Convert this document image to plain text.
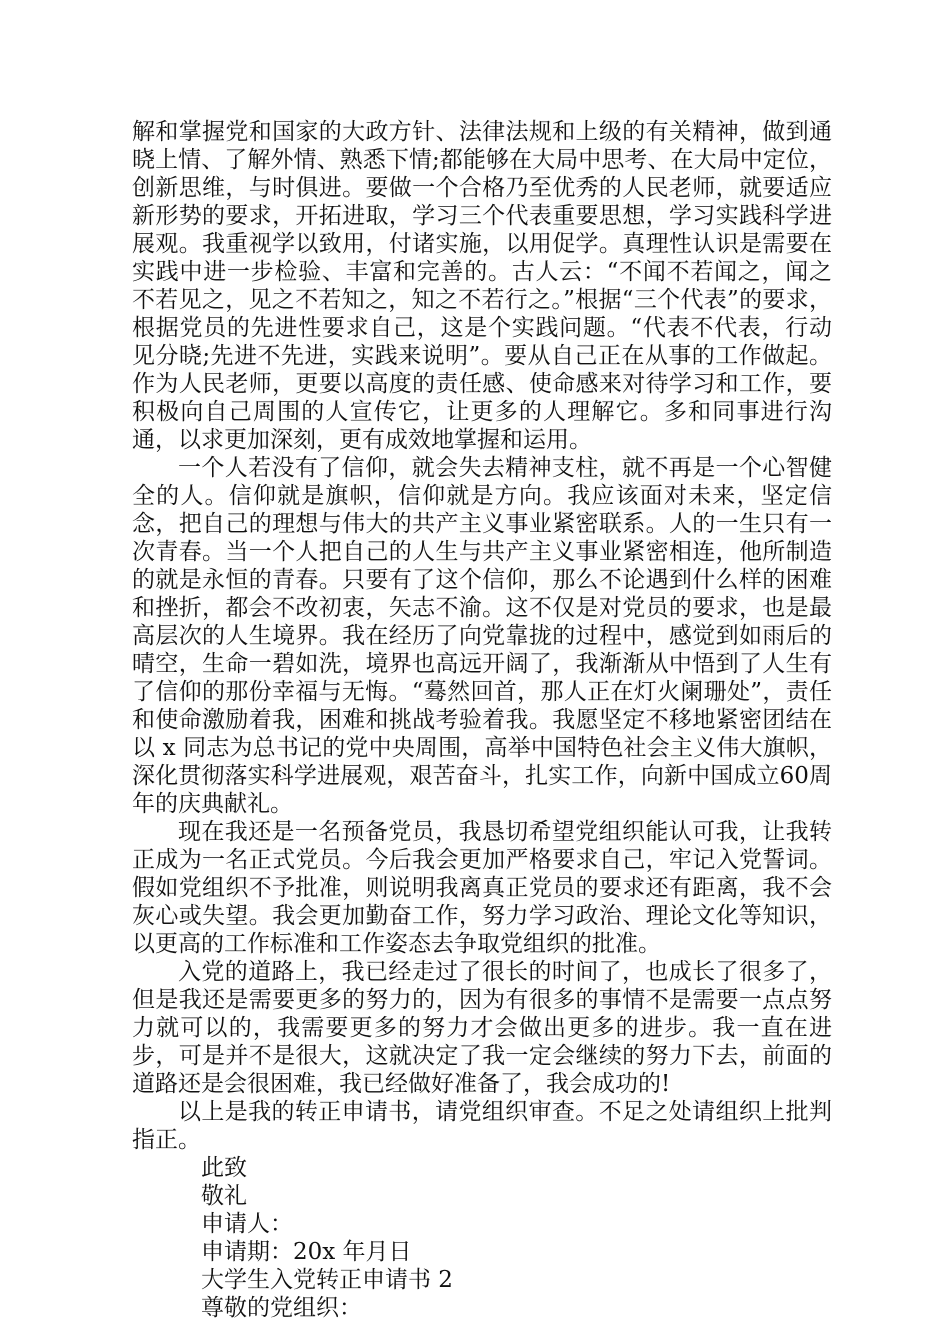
解和掌握党和国家的大政方针、法律法规和上级的有关精神，做到通晓上情、了解外情、熟悉下情;都能够在大局中思考、在大局中定位，创新思维，与时俱进。要做一个合格乃至优秀的人民老师，就要适应新形势的要求，开拓进取，学习三个代表重要思想，学习实践科学进展观。我重视学以致用，付诸实施，以用促学。真理性认识是需要在实践中进一步检验、丰富和完善的。古人云：“不闻不若闻之，闻之不若见之，见之不若知之，知之不若行之。”根据“三个代表”的要求，根据党员的先进性要求自己，这是个实践问题。“代表不代表，行动见分晓;先进不先进，实践来说明”。要从自己正在从事的工作做起。作为人民老师，更要以高度的责任感、使命感来对待学习和工作，要积极向自己周围的人宣传它，让更多的人理解它。多和同事进行沟通，以求更加深刻，更有成效地掌握和运用。

一个人若没有了信仰，就会失去精神支柱，就不再是一个心智健全的人。信仰就是旗帜，信仰就是方向。我应该面对未来，坚定信念，把自己的理想与伟大的共产主义事业紧密联系。人的一生只有一次青春。当一个人把自己的人生与共产主义事业紧密相连，他所制造的就是永恒的青春。只要有了这个信仰，那么不论遇到什么样的困难和挫折，都会不改初衷，矢志不渝。这不仅是对党员的要求，也是最高层次的人生境界。我在经历了向党靠拢的过程中，感觉到如雨后的晴空，生命一碧如洗，境界也高远开阔了，我渐渐从中悟到了人生有了信仰的那份幸福与无悔。“蓦然回首，那人正在灯火阑珊处”，责任和使命激励着我，困难和挑战考验着我。我愿坚定不移地紧密团结在以 x 同志为总书记的党中央周围，高举中国特色社会主义伟大旗帜，深化贯彻落实科学进展观，艰苦奋斗，扎实工作，向新中国成立60周年的庆典献礼。

现在我还是一名预备党员，我恳切希望党组织能认可我，让我转正成为一名正式党员。今后我会更加严格要求自己，牢记入党誓词。假如党组织不予批准，则说明我离真正党员的要求还有距离，我不会灰心或失望。我会更加勤奋工作，努力学习政治、理论文化等知识，以更高的工作标准和工作姿态去争取党组织的批准。

入党的道路上，我已经走过了很长的时间了，也成长了很多了，但是我还是需要更多的努力的，因为有很多的事情不是需要一点点努力就可以的，我需要更多的努力才会做出更多的进步。我一直在进步，可是并不是很大，这就决定了我一定会继续的努力下去，前面的道路还是会很困难，我已经做好准备了，我会成功的!

以上是我的转正申请书，请党组织审查。不足之处请组织上批判指正。

此致

敬礼

申请人：

申请期：20x 年月日

大学生入党转正申请书 2

尊敬的党组织：
